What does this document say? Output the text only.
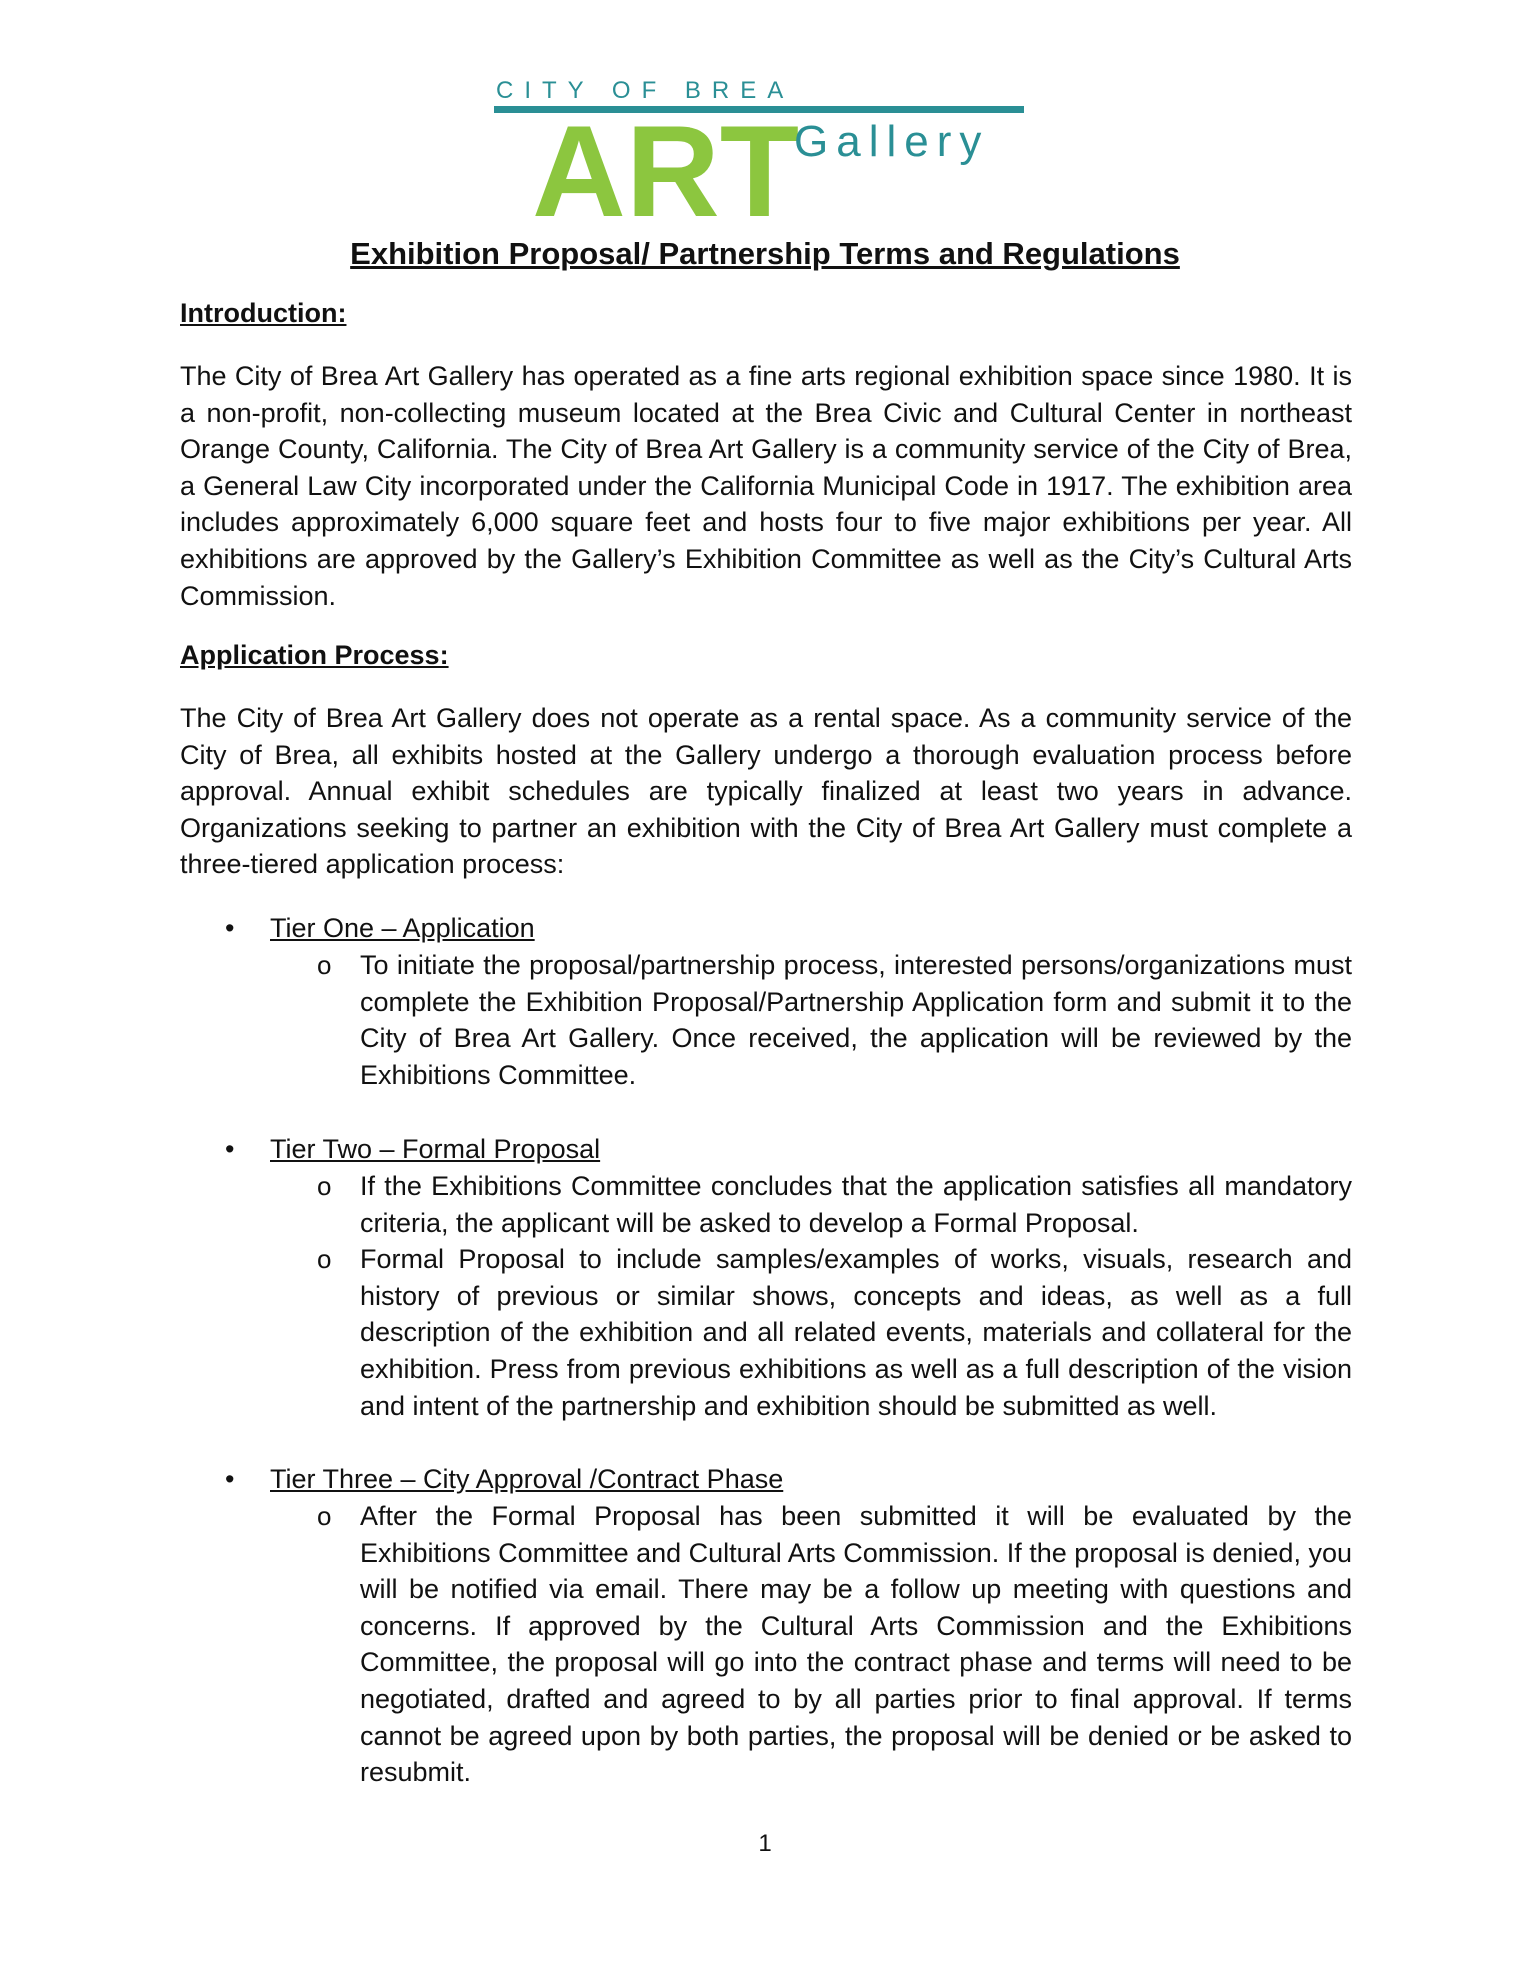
CITY OF BREA
ART
Gallery
Exhibition Proposal/ Partnership Terms and Regulations
Introduction:
The City of Brea Art Gallery has operated as a fine arts regional exhibition space since 1980. It is a non-profit, non-collecting museum located at the Brea Civic and Cultural Center in northeast Orange County, California. The City of Brea Art Gallery is a community service of the City of Brea, a General Law City incorporated under the California Municipal Code in 1917. The exhibition area includes approximately 6,000 square feet and hosts four to five major exhibitions per year. All exhibitions are approved by the Gallery’s Exhibition Committee as well as the City’s Cultural Arts Commission.
Application Process:
The City of Brea Art Gallery does not operate as a rental space. As a community service of the City of Brea, all exhibits hosted at the Gallery undergo a thorough evaluation process before approval. Annual exhibit schedules are typically finalized at least two years in advance. Organizations seeking to partner an exhibition with the City of Brea Art Gallery must complete a three-tiered application process:
• Tier One – Application
o To initiate the proposal/partnership process, interested persons/organizations must complete the Exhibition Proposal/Partnership Application form and submit it to the City of Brea Art Gallery. Once received, the application will be reviewed by the Exhibitions Committee.
• Tier Two – Formal Proposal
o If the Exhibitions Committee concludes that the application satisfies all mandatory criteria, the applicant will be asked to develop a Formal Proposal.
o Formal Proposal to include samples/examples of works, visuals, research and history of previous or similar shows, concepts and ideas, as well as a full description of the exhibition and all related events, materials and collateral for the exhibition. Press from previous exhibitions as well as a full description of the vision and intent of the partnership and exhibition should be submitted as well.
• Tier Three – City Approval /Contract Phase
o After the Formal Proposal has been submitted it will be evaluated by the Exhibitions Committee and Cultural Arts Commission. If the proposal is denied, you will be notified via email. There may be a follow up meeting with questions and concerns. If approved by the Cultural Arts Commission and the Exhibitions Committee, the proposal will go into the contract phase and terms will need to be negotiated, drafted and agreed to by all parties prior to final approval. If terms cannot be agreed upon by both parties, the proposal will be denied or be asked to resubmit.
1
